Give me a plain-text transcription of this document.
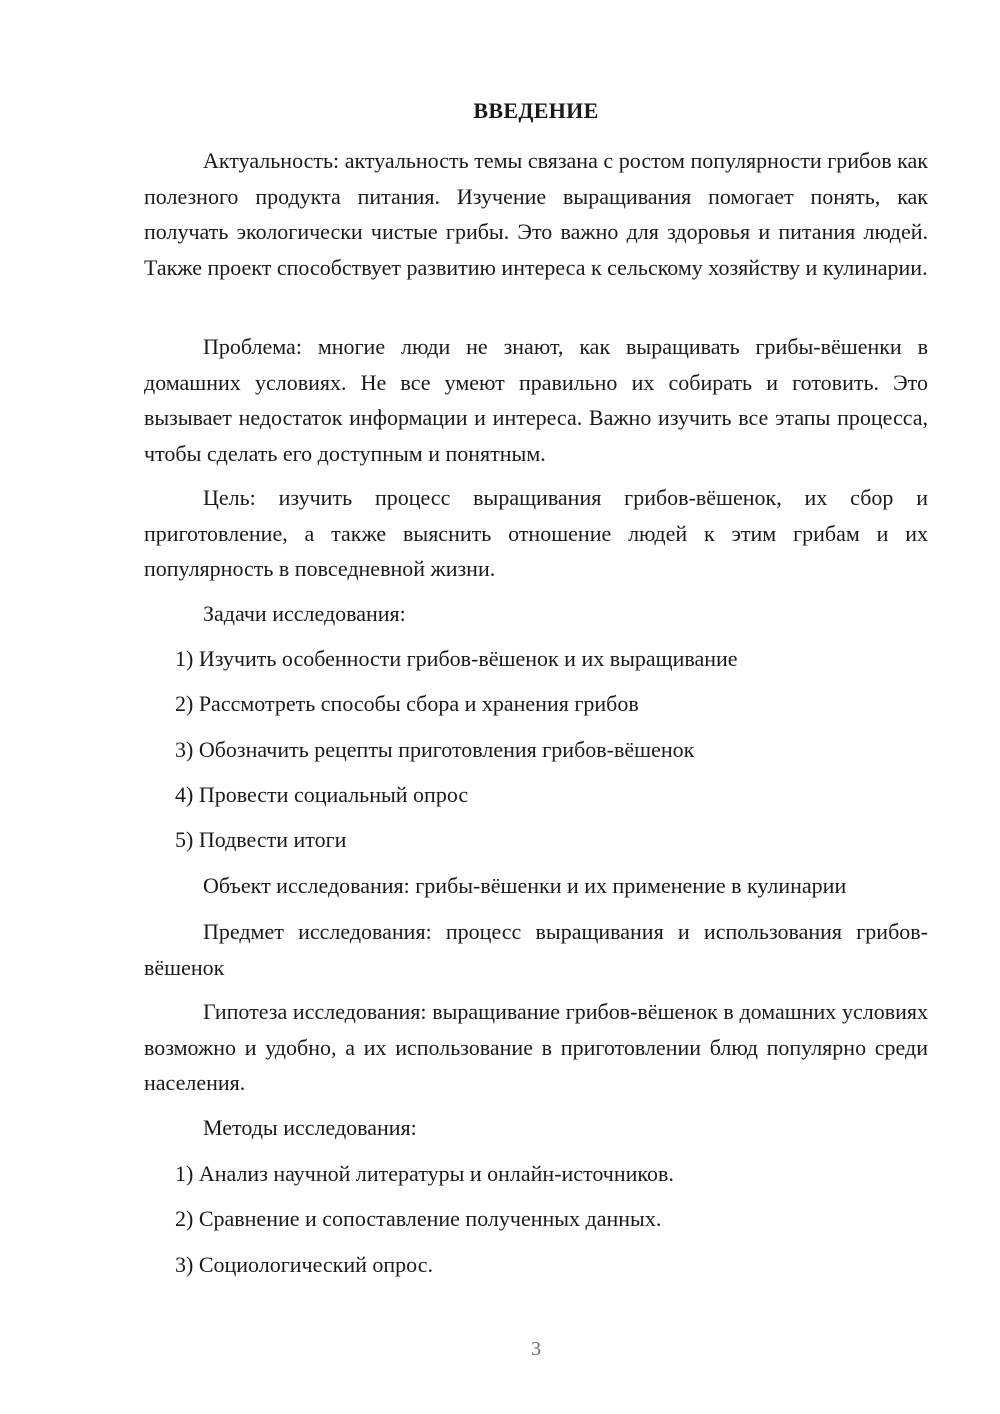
ВВЕДЕНИЕ

Актуальность: актуальность темы связана с ростом популярности грибов как полезного продукта питания. Изучение выращивания помогает понять, как получать экологически чистые грибы. Это важно для здоровья и питания людей. Также проект способствует развитию интереса к сельскому хозяйству и кулинарии.

Проблема: многие люди не знают, как выращивать грибы-вёшенки в домашних условиях. Не все умеют правильно их собирать и готовить. Это вызывает недостаток информации и интереса. Важно изучить все этапы процесса, чтобы сделать его доступным и понятным.

Цель: изучить процесс выращивания грибов-вёшенок, их сбор и приготовление, а также выяснить отношение людей к этим грибам и их популярность в повседневной жизни.

Задачи исследования:

1) Изучить особенности грибов-вёшенок и их выращивание

2) Рассмотреть способы сбора и хранения грибов

3) Обозначить рецепты приготовления грибов-вёшенок

4) Провести социальный опрос

5) Подвести итоги

Объект исследования: грибы-вёшенки и их применение в кулинарии

Предмет исследования: процесс выращивания и использования грибов-вёшенок

Гипотеза исследования: выращивание грибов-вёшенок в домашних условиях возможно и удобно, а их использование в приготовлении блюд популярно среди населения.

Методы исследования:

1) Анализ научной литературы и онлайн-источников.

2) Сравнение и сопоставление полученных данных.

3) Социологический опрос.

3
